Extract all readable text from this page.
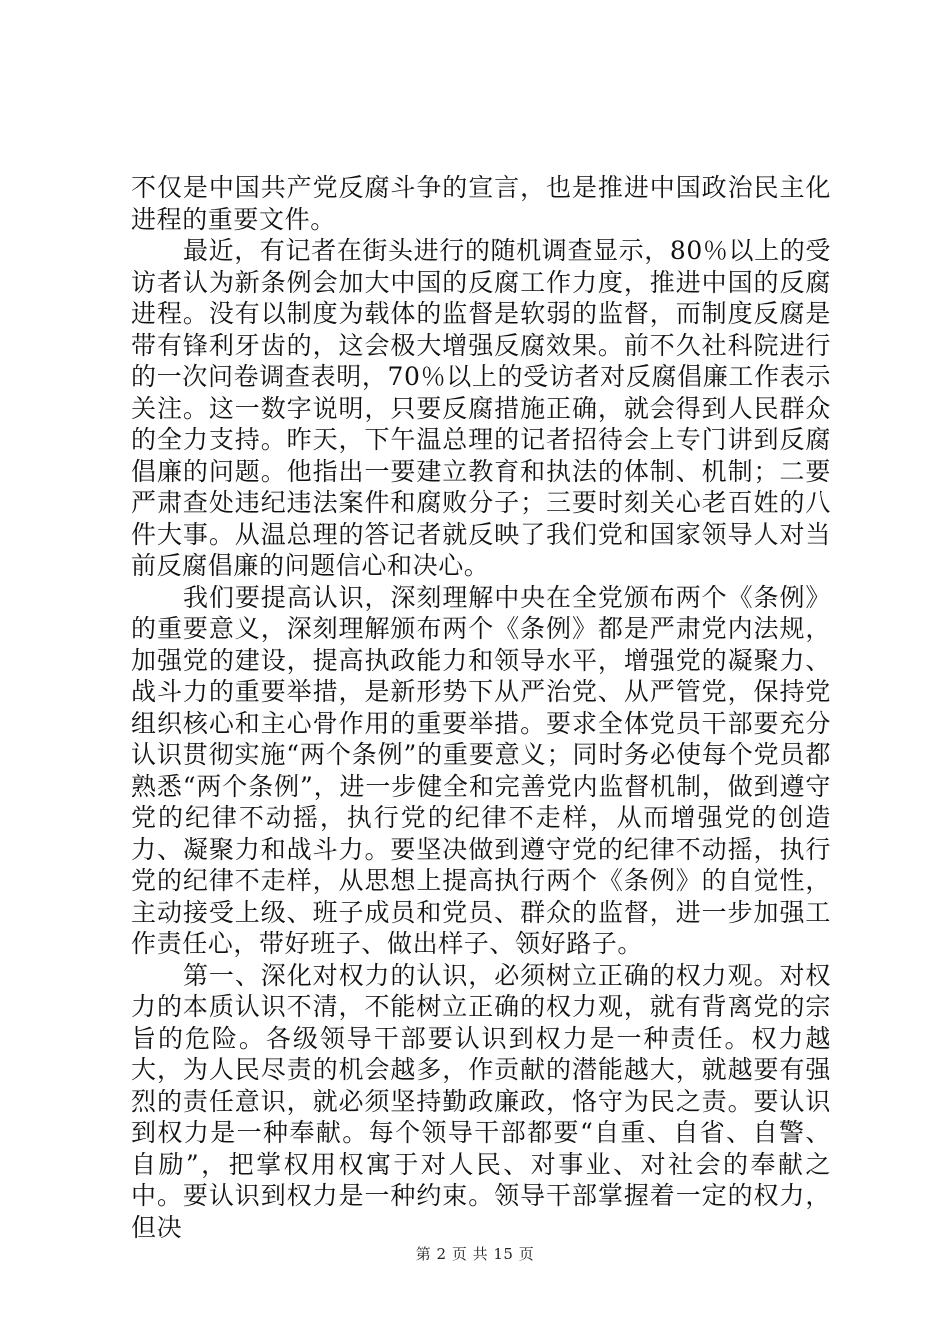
不仅是中国共产党反腐斗争的宣言，也是推进中国政治民主化进程的重要文件。

最近，有记者在街头进行的随机调查显示，80％以上的受访者认为新条例会加大中国的反腐工作力度，推进中国的反腐进程。没有以制度为载体的监督是软弱的监督，而制度反腐是带有锋利牙齿的，这会极大增强反腐效果。前不久社科院进行的一次问卷调查表明，70％以上的受访者对反腐倡廉工作表示关注。这一数字说明，只要反腐措施正确，就会得到人民群众的全力支持。昨天，下午温总理的记者招待会上专门讲到反腐倡廉的问题。他指出一要建立教育和执法的体制、机制；二要严肃查处违纪违法案件和腐败分子；三要时刻关心老百姓的八件大事。从温总理的答记者就反映了我们党和国家领导人对当前反腐倡廉的问题信心和决心。

我们要提高认识，深刻理解中央在全党颁布两个《条例》的重要意义，深刻理解颁布两个《条例》都是严肃党内法规，加强党的建设，提高执政能力和领导水平，增强党的凝聚力、战斗力的重要举措，是新形势下从严治党、从严管党，保持党组织核心和主心骨作用的重要举措。要求全体党员干部要充分认识贯彻实施“两个条例”的重要意义；同时务必使每个党员都熟悉“两个条例”，进一步健全和完善党内监督机制，做到遵守党的纪律不动摇，执行党的纪律不走样，从而增强党的创造力、凝聚力和战斗力。要坚决做到遵守党的纪律不动摇，执行党的纪律不走样，从思想上提高执行两个《条例》的自觉性，主动接受上级、班子成员和党员、群众的监督，进一步加强工作责任心，带好班子、做出样子、领好路子。

第一、深化对权力的认识，必须树立正确的权力观。对权力的本质认识不清，不能树立正确的权力观，就有背离党的宗旨的危险。各级领导干部要认识到权力是一种责任。权力越大，为人民尽责的机会越多，作贡献的潜能越大，就越要有强烈的责任意识，就必须坚持勤政廉政，恪守为民之责。要认识到权力是一种奉献。每个领导干部都要“自重、自省、自警、自励”，把掌权用权寓于对人民、对事业、对社会的奉献之中。要认识到权力是一种约束。领导干部掌握着一定的权力，但决

第 2 页 共 15 页
